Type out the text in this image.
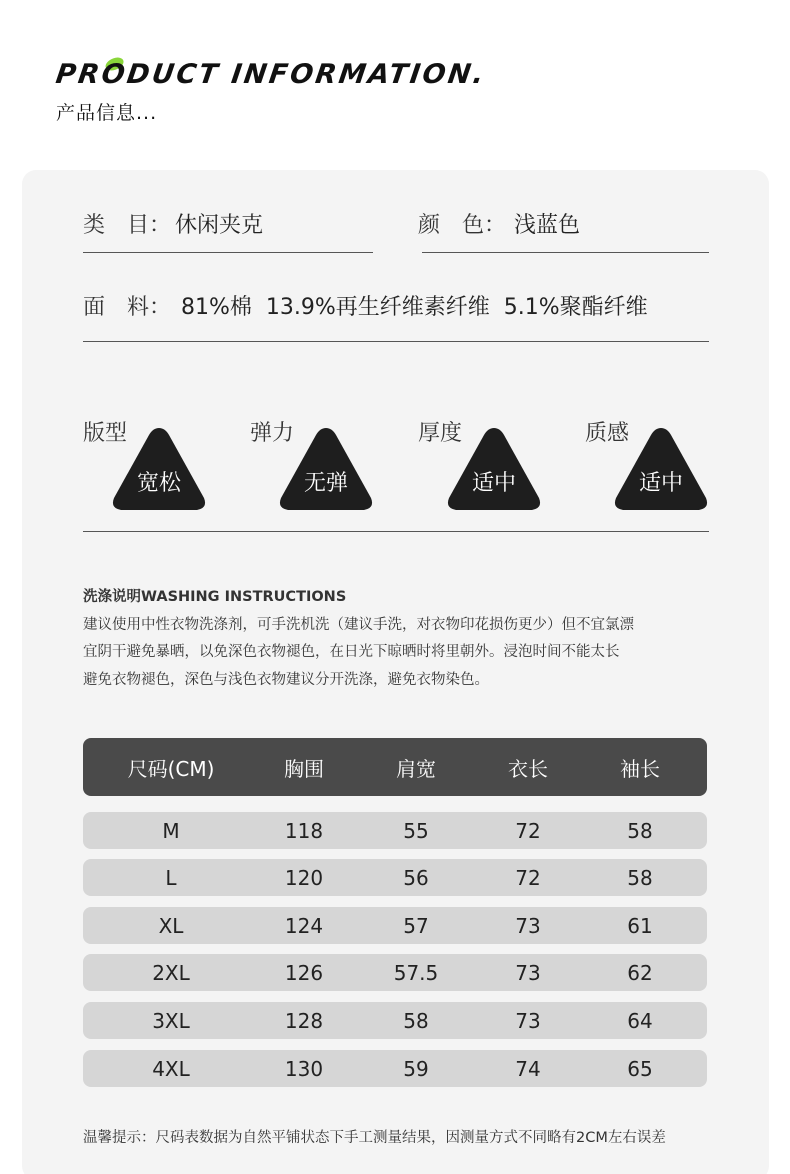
PR
ODUCT INFORMATION.
产品信息...
类　目： 休闲夹克	颜　色： 浅蓝色
面　料： 81%棉  13.9%再生纤维素纤维  5.1%聚酯纤维
版型
宽松
弹力
无弹
厚度
适中
质感
适中
洗涤说明WASHING INSTRUCTIONS
建议使用中性衣物洗涤剂，可手洗机洗（建议手洗，对衣物印花损伤更少）但不宜氯漂
宜阴干避免暴晒，以免深色衣物褪色，在日光下晾晒时将里朝外。浸泡时间不能太长
避免衣物褪色，深色与浅色衣物建议分开洗涤，避免衣物染色。
尺码(CM)	胸围	肩宽	衣长	袖长
M	118	55	72	58
L	120	56	72	58
XL	124	57	73	61
2XL	126	57.5	73	62
3XL	128	58	73	64
4XL	130	59	74	65
温馨提示：尺码表数据为自然平铺状态下手工测量结果，因测量方式不同略有2CM左右误差
